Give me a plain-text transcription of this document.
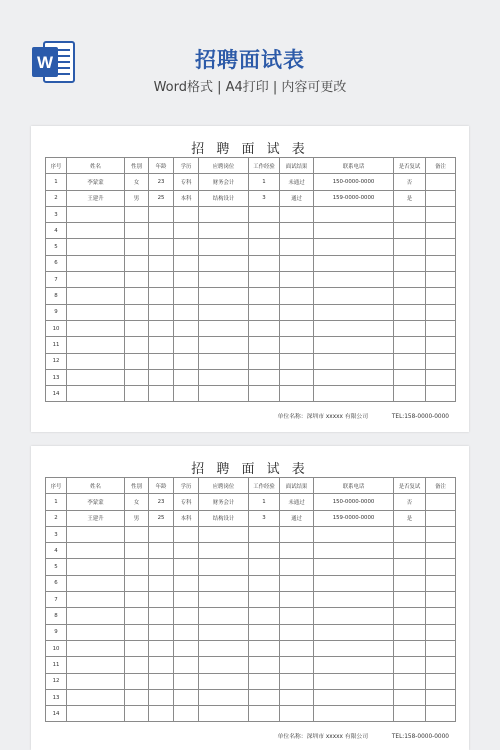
W	招聘面试表
Word格式 | A4打印 | 内容可更改
招 聘 面 试 表
序号	姓名	性别	年龄	学历	应聘岗位	工作经验	面试结果	联系电话	是否复试	备注
1	李蒙蒙	女	23	专科	财务会计	1	未通过	150-0000-0000	否	
2	王建升	男	25	本科	结构设计	3	通过	159-0000-0000	是	
3										
4										
5										
6										
7										
8										
9										
10										
11										
12										
13										
14										
单位名称：深圳市 xxxxx 有限公司	TEL:158-0000-0000
招 聘 面 试 表
序号	姓名	性别	年龄	学历	应聘岗位	工作经验	面试结果	联系电话	是否复试	备注
1	李蒙蒙	女	23	专科	财务会计	1	未通过	150-0000-0000	否	
2	王建升	男	25	本科	结构设计	3	通过	159-0000-0000	是	
3										
4										
5										
6										
7										
8										
9										
10										
11										
12										
13										
14										
单位名称：深圳市 xxxxx 有限公司	TEL:158-0000-0000
